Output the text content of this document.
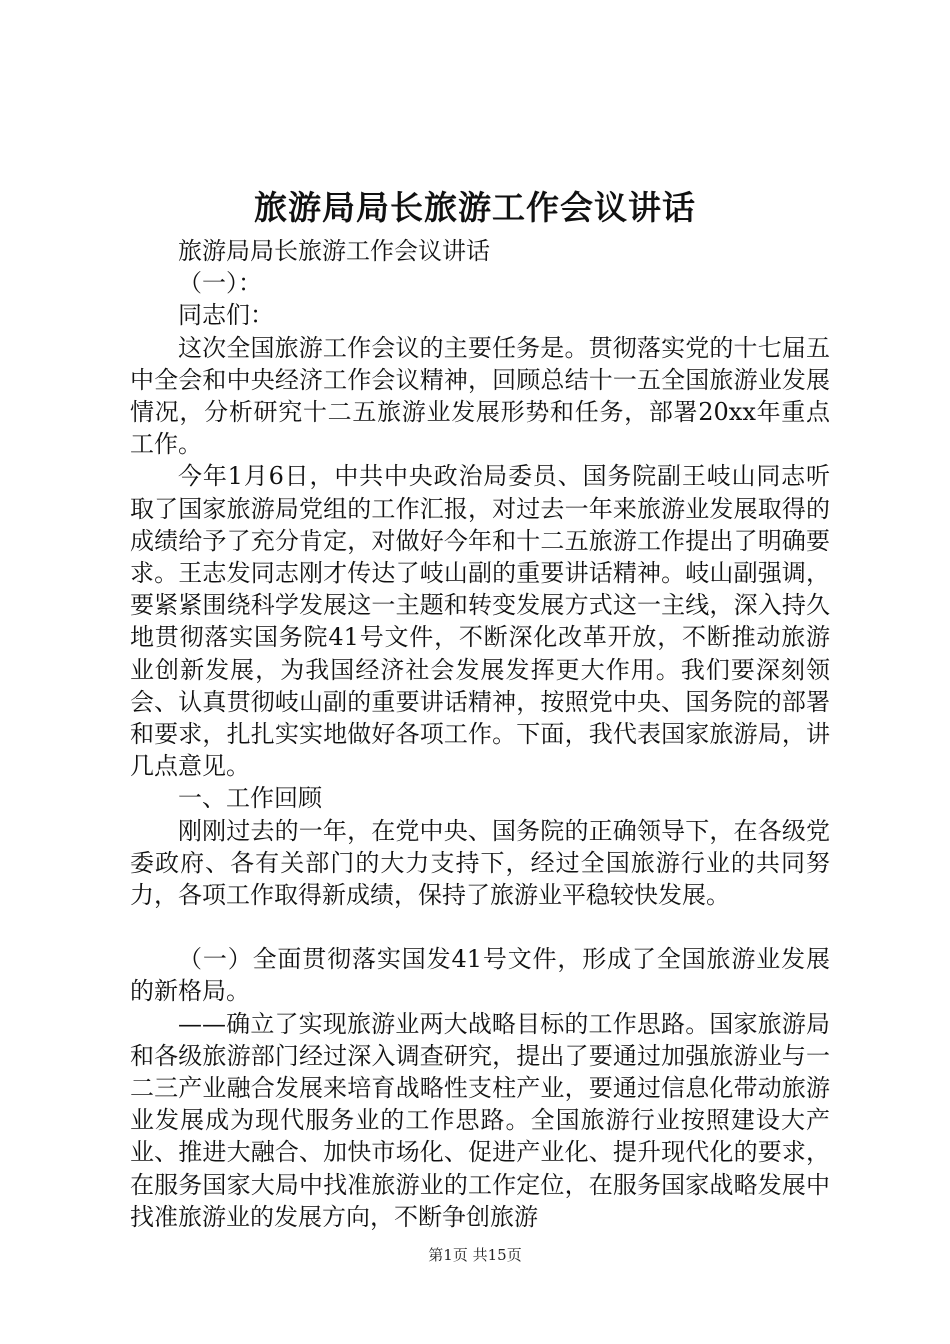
旅游局局长旅游工作会议讲话

旅游局局长旅游工作会议讲话

（一）：

同志们：

这次全国旅游工作会议的主要任务是。贯彻落实党的十七届五中全会和中央经济工作会议精神，回顾总结十一五全国旅游业发展情况，分析研究十二五旅游业发展形势和任务，部署20xx年重点工作。

今年1月6日，中共中央政治局委员、国务院副王岐山同志听取了国家旅游局党组的工作汇报，对过去一年来旅游业发展取得的成绩给予了充分肯定，对做好今年和十二五旅游工作提出了明确要求。王志发同志刚才传达了岐山副的重要讲话精神。岐山副强调，要紧紧围绕科学发展这一主题和转变发展方式这一主线，深入持久地贯彻落实国务院41号文件，不断深化改革开放，不断推动旅游业创新发展，为我国经济社会发展发挥更大作用。我们要深刻领会、认真贯彻岐山副的重要讲话精神，按照党中央、国务院的部署和要求，扎扎实实地做好各项工作。下面，我代表国家旅游局，讲几点意见。

一、工作回顾

刚刚过去的一年，在党中央、国务院的正确领导下，在各级党委政府、各有关部门的大力支持下，经过全国旅游行业的共同努力，各项工作取得新成绩，保持了旅游业平稳较快发展。

（一）全面贯彻落实国发41号文件，形成了全国旅游业发展的新格局。

——确立了实现旅游业两大战略目标的工作思路。国家旅游局和各级旅游部门经过深入调查研究，提出了要通过加强旅游业与一二三产业融合发展来培育战略性支柱产业，要通过信息化带动旅游业发展成为现代服务业的工作思路。全国旅游行业按照建设大产业、推进大融合、加快市场化、促进产业化、提升现代化的要求，在服务国家大局中找准旅游业的工作定位，在服务国家战略发展中找准旅游业的发展方向，不断争创旅游

第1页 共15页
